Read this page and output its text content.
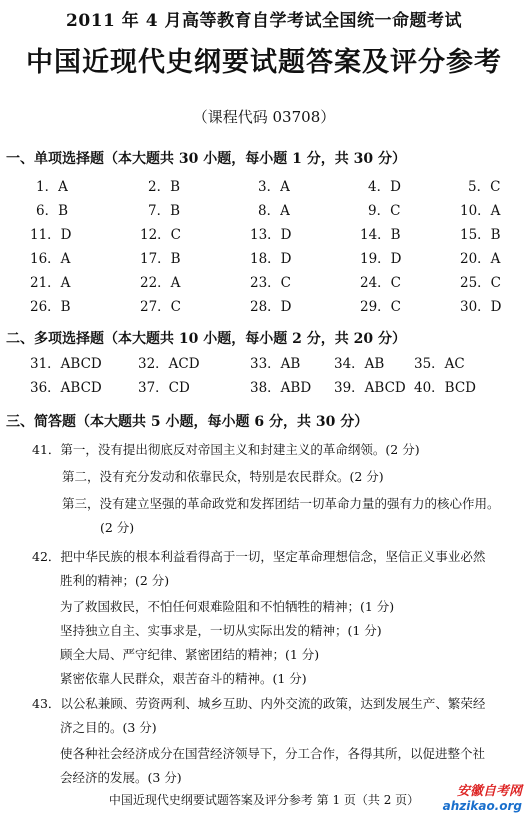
2011 年 4 月高等教育自学考试全国统一命题考试
中国近现代史纲要试题答案及评分参考
（课程代码 03708）
一、单项选择题（本大题共 30 小题，每小题 1 分，共 30 分）
1．A	2．B	3．A	4．D	5．C
6．B	7．B	8．A	9．C	10．A
11．D	12．C	13．D	14．B	15．B
16．A	17．B	18．D	19．D	20．A
21．A	22．A	23．C	24．C	25．C
26．B	27．C	28．D	29．C	30．D
二、多项选择题（本大题共 10 小题，每小题 2 分，共 20 分）
31．ABCD	32．ACD	33．AB 34．AB 35．AC
36．ABCD	37．CD	38．ABD 39．ABCD 40．BCD
三、简答题（本大题共 5 小题，每小题 6 分，共 30 分）
41．第一，没有提出彻底反对帝国主义和封建主义的革命纲领。(2 分)
第二，没有充分发动和依靠民众，特别是农民群众。(2 分)
第三，没有建立坚强的革命政党和发挥团结一切革命力量的强有力的核心作用。
(2 分)
42．把中华民族的根本利益看得高于一切，坚定革命理想信念，坚信正义事业必然
胜利的精神；(2 分)
为了救国救民，不怕任何艰难险阻和不怕牺牲的精神；(1 分)
坚持独立自主、实事求是，一切从实际出发的精神；(1 分)
顾全大局、严守纪律、紧密团结的精神；(1 分)
紧密依靠人民群众，艰苦奋斗的精神。(1 分)
43．以公私兼顾、劳资两利、城乡互助、内外交流的政策，达到发展生产、繁荣经
济之目的。(3 分)
使各种社会经济成分在国营经济领导下，分工合作，各得其所，以促进整个社
会经济的发展。(3 分)
中国近现代史纲要试题答案及评分参考 第 1 页（共 2 页）
安徽自考网
ahzikao.org
